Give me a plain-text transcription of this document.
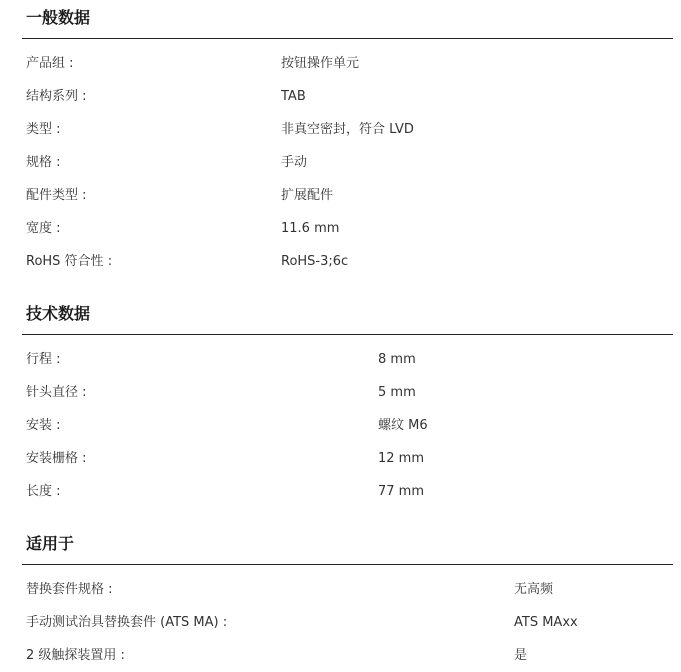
一般数据
产品组 :	按钮操作单元
结构系列 :	TAB
类型 :	非真空密封，符合 LVD
规格 :	手动
配件类型 :	扩展配件
宽度 :	11.6 mm
RoHS 符合性 :	RoHS-3;6c
技术数据
行程 :	8 mm
针头直径 :	5 mm
安装 :	螺纹 M6
安装栅格 :	12 mm
长度 :	77 mm
适用于
替换套件规格 :	无高频
手动测试治具替换套件 (ATS MA) :	ATS MAxx
2 级触探装置用 :	是
